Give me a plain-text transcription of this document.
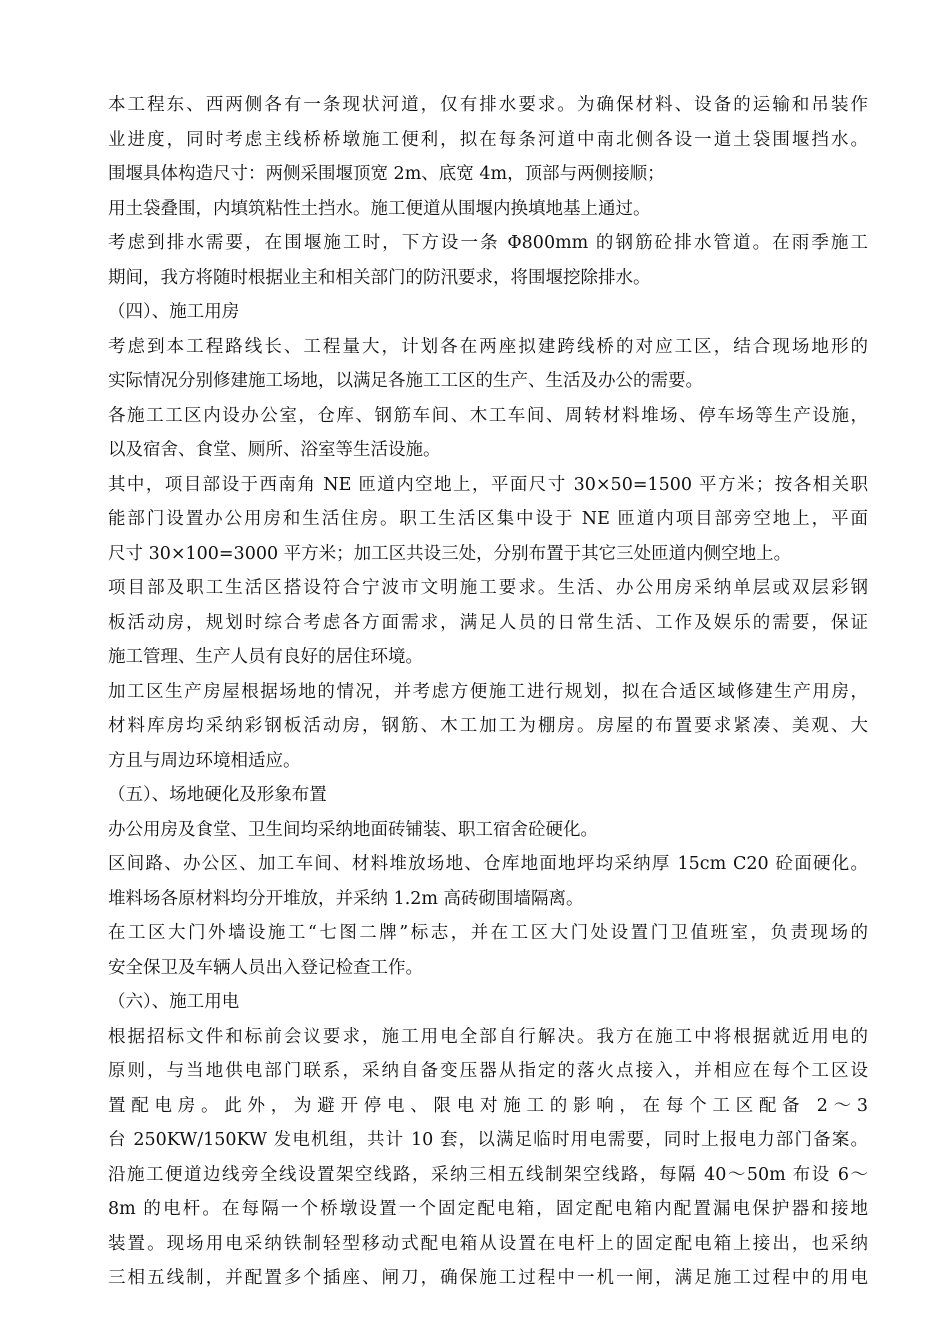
本工程东、西两侧各有一条现状河道，仅有排水要求。为确保材料、设备的运输和吊装作
业进度，同时考虑主线桥桥墩施工便利，拟在每条河道中南北侧各设一道土袋围堰挡水。
围堰具体构造尺寸：两侧采围堰顶宽 2m、底宽 4m，顶部与两侧接顺；
用土袋叠围，内填筑粘性土挡水。施工便道从围堰内换填地基上通过。
考虑到排水需要，在围堰施工时，下方设一条 Φ800mm 的钢筋砼排水管道。在雨季施工
期间，我方将随时根据业主和相关部门的防汛要求，将围堰挖除排水。
（四）、施工用房
考虑到本工程路线长、工程量大，计划各在两座拟建跨线桥的对应工区，结合现场地形的
实际情况分别修建施工场地，以满足各施工工区的生产、生活及办公的需要。
各施工工区内设办公室，仓库、钢筋车间、木工车间、周转材料堆场、停车场等生产设施，
以及宿舍、食堂、厕所、浴室等生活设施。
其中，项目部设于西南角 NE 匝道内空地上，平面尺寸 30×50=1500 平方米；按各相关职
能部门设置办公用房和生活住房。职工生活区集中设于 NE 匝道内项目部旁空地上，平面
尺寸 30×100=3000 平方米；加工区共设三处，分别布置于其它三处匝道内侧空地上。
项目部及职工生活区搭设符合宁波市文明施工要求。生活、办公用房采纳单层或双层彩钢
板活动房，规划时综合考虑各方面需求，满足人员的日常生活、工作及娱乐的需要，保证
施工管理、生产人员有良好的居住环境。
加工区生产房屋根据场地的情况，并考虑方便施工进行规划，拟在合适区域修建生产用房，
材料库房均采纳彩钢板活动房，钢筋、木工加工为棚房。房屋的布置要求紧凑、美观、大
方且与周边环境相适应。
（五）、场地硬化及形象布置
办公用房及食堂、卫生间均采纳地面砖铺装、职工宿舍砼硬化。
区间路、办公区、加工车间、材料堆放场地、仓库地面地坪均采纳厚 15cm C20 砼面硬化。
堆料场各原材料均分开堆放，并采纳 1.2m 高砖砌围墙隔离。
在工区大门外墙设施工“七图二牌”标志，并在工区大门处设置门卫值班室，负责现场的
安全保卫及车辆人员出入登记检查工作。
（六）、施工用电
根据招标文件和标前会议要求，施工用电全部自行解决。我方在施工中将根据就近用电的
原则，与当地供电部门联系，采纳自备变压器从指定的落火点接入，并相应在每个工区设
置配电房。此外，为避开停电、限电对施工的影响，在每个工区配备 2～3
台 250KW/150KW 发电机组，共计 10 套，以满足临时用电需要，同时上报电力部门备案。
沿施工便道边线旁全线设置架空线路，采纳三相五线制架空线路，每隔 40～50m 布设 6～
8m 的电杆。在每隔一个桥墩设置一个固定配电箱，固定配电箱内配置漏电保护器和接地
装置。现场用电采纳铁制轻型移动式配电箱从设置在电杆上的固定配电箱上接出，也采纳
三相五线制，并配置多个插座、闸刀，确保施工过程中一机一闸，满足施工过程中的用电
